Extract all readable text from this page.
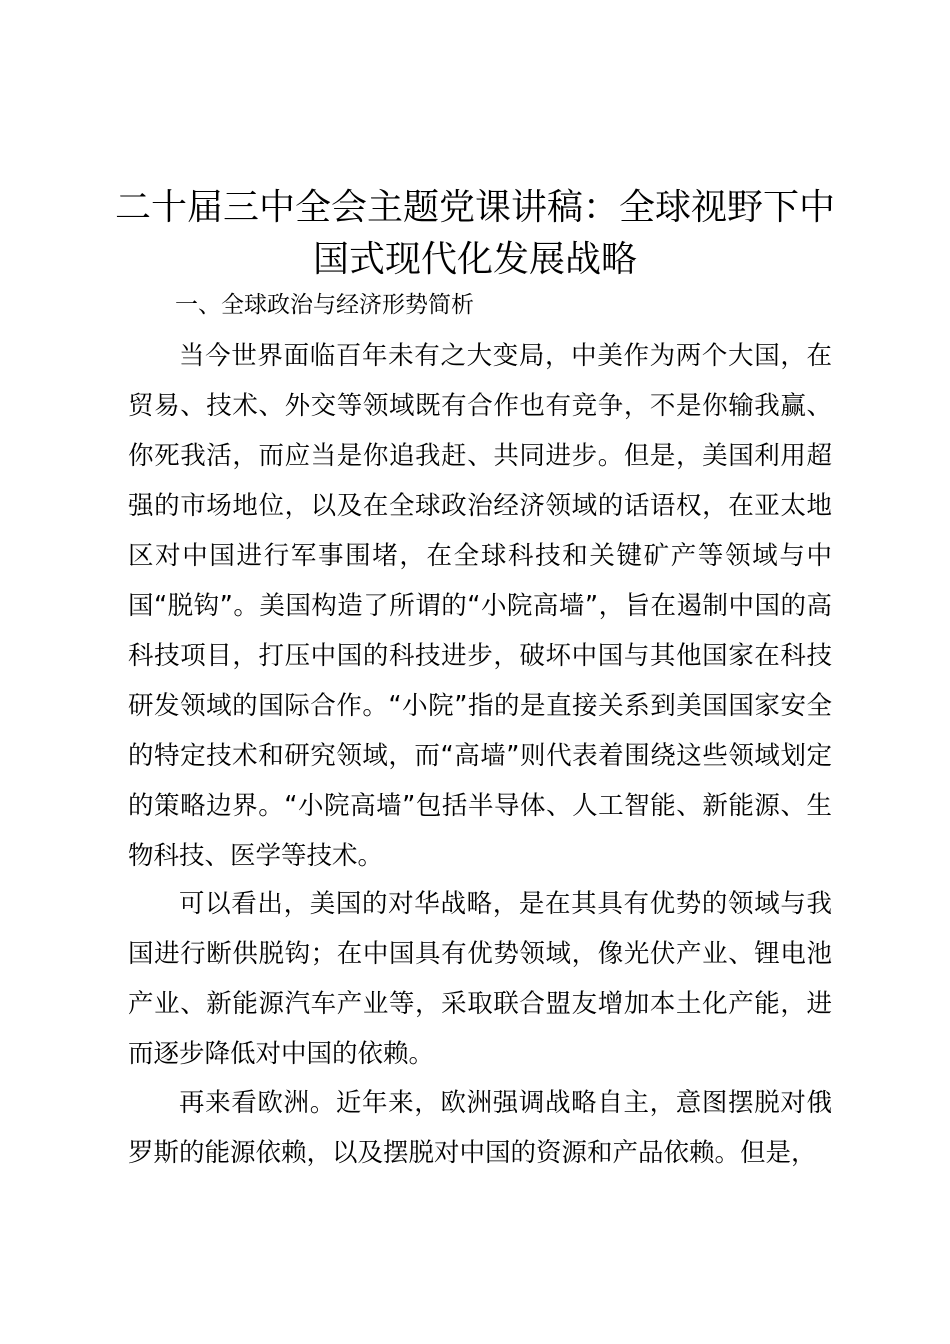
二十届三中全会主题党课讲稿：全球视野下中国式现代化发展战略

一、全球政治与经济形势简析

当今世界面临百年未有之大变局，中美作为两个大国，在贸易、技术、外交等领域既有合作也有竞争，不是你输我赢、你死我活，而应当是你追我赶、共同进步。但是，美国利用超强的市场地位，以及在全球政治经济领域的话语权，在亚太地区对中国进行军事围堵，在全球科技和关键矿产等领域与中国“脱钩”。美国构造了所谓的“小院高墙”，旨在遏制中国的高科技项目，打压中国的科技进步，破坏中国与其他国家在科技研发领域的国际合作。“小院”指的是直接关系到美国国家安全的特定技术和研究领域，而“高墙”则代表着围绕这些领域划定的策略边界。“小院高墙”包括半导体、人工智能、新能源、生物科技、医学等技术。

可以看出，美国的对华战略，是在其具有优势的领域与我国进行断供脱钩；在中国具有优势领域，像光伏产业、锂电池产业、新能源汽车产业等，采取联合盟友增加本土化产能，进而逐步降低对中国的依赖。

再来看欧洲。近年来，欧洲强调战略自主，意图摆脱对俄罗斯的能源依赖，以及摆脱对中国的资源和产品依赖。但是，
